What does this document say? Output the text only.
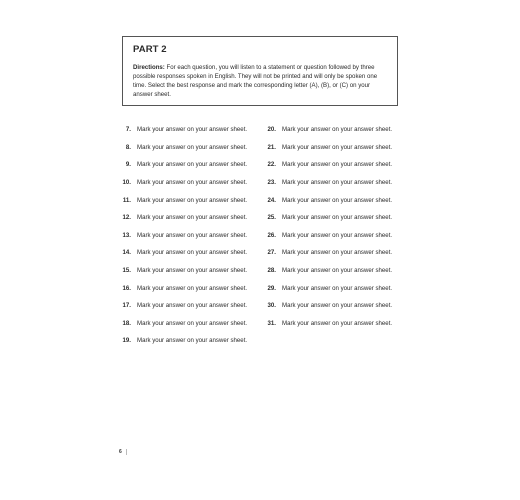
PART 2

Directions: For each question, you will listen to a statement or question followed by three possible responses spoken in English. They will not be printed and will only be spoken one time. Select the best response and mark the corresponding letter (A), (B), or (C) on your answer sheet.

7. Mark your answer on your answer sheet.
8. Mark your answer on your answer sheet.
9. Mark your answer on your answer sheet.
10. Mark your answer on your answer sheet.
11. Mark your answer on your answer sheet.
12. Mark your answer on your answer sheet.
13. Mark your answer on your answer sheet.
14. Mark your answer on your answer sheet.
15. Mark your answer on your answer sheet.
16. Mark your answer on your answer sheet.
17. Mark your answer on your answer sheet.
18. Mark your answer on your answer sheet.
19. Mark your answer on your answer sheet.
20. Mark your answer on your answer sheet.
21. Mark your answer on your answer sheet.
22. Mark your answer on your answer sheet.
23. Mark your answer on your answer sheet.
24. Mark your answer on your answer sheet.
25. Mark your answer on your answer sheet.
26. Mark your answer on your answer sheet.
27. Mark your answer on your answer sheet.
28. Mark your answer on your answer sheet.
29. Mark your answer on your answer sheet.
30. Mark your answer on your answer sheet.
31. Mark your answer on your answer sheet.
6
